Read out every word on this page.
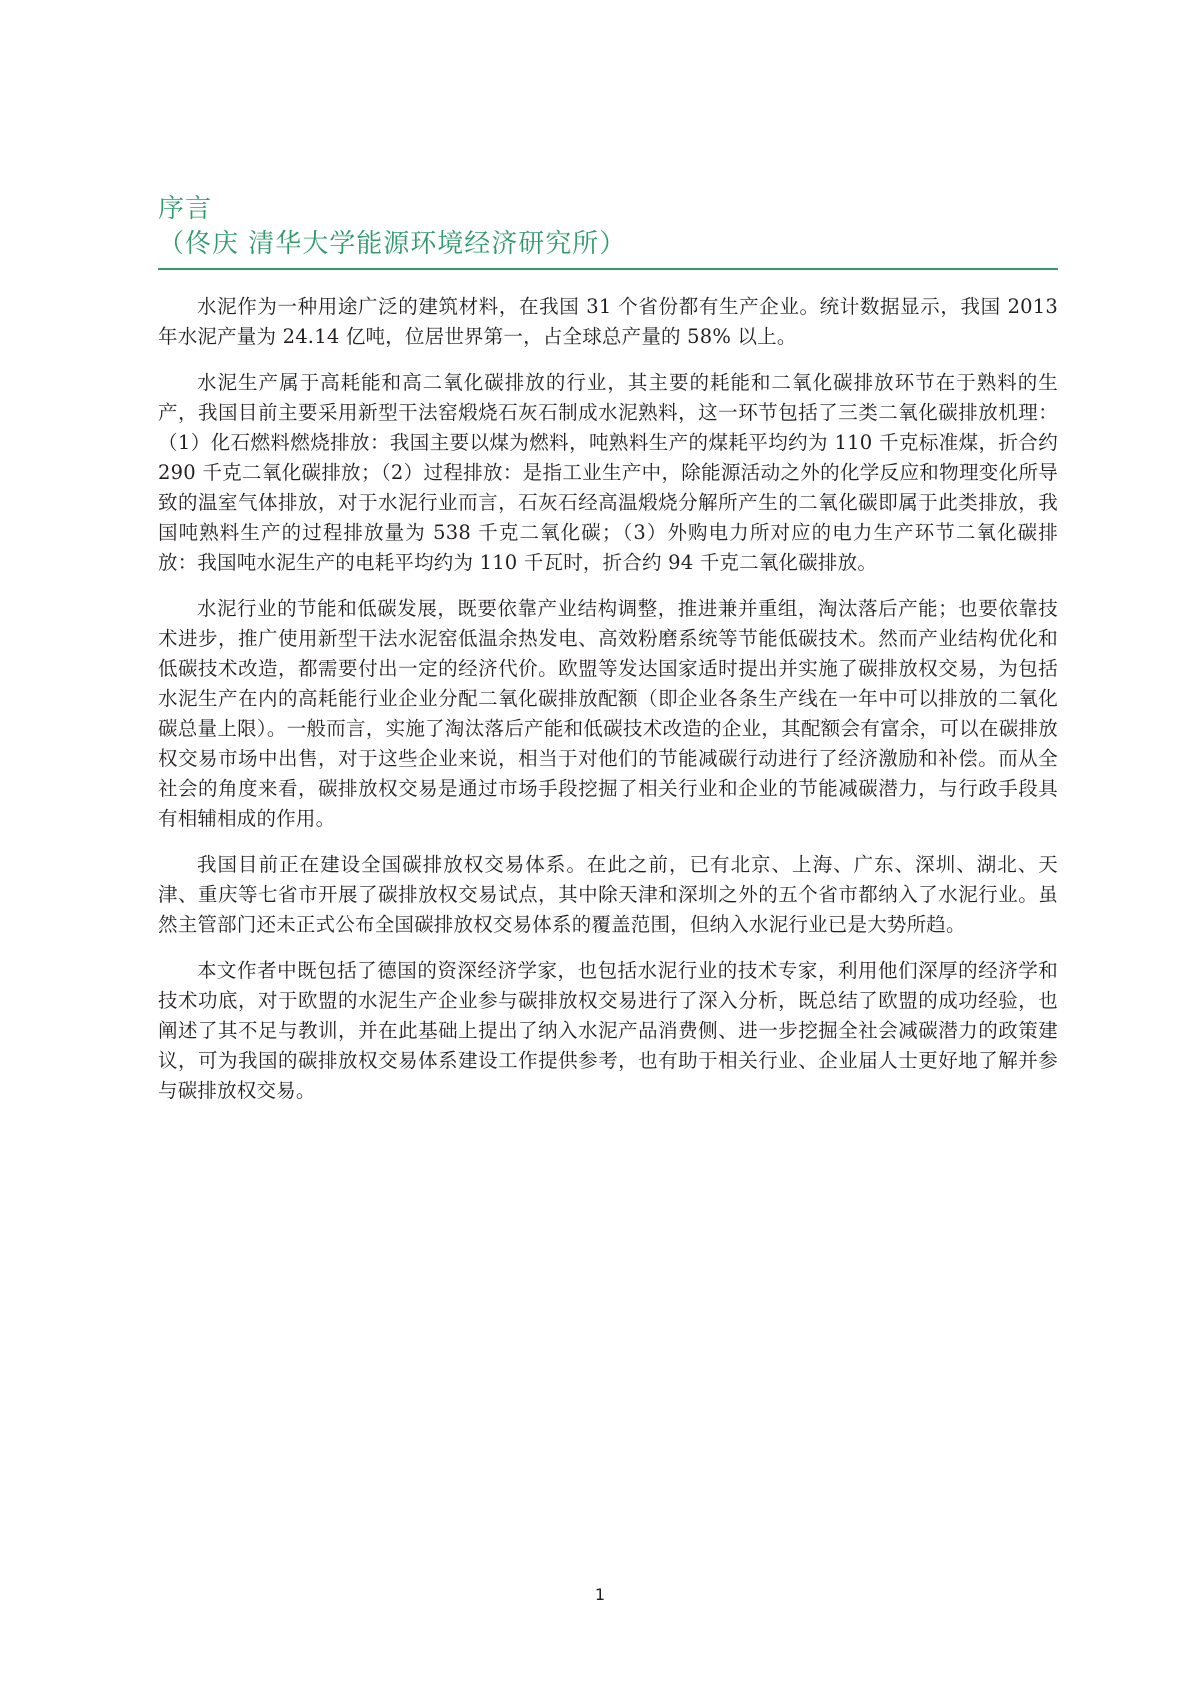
序言
（佟庆 清华大学能源环境经济研究所）

水泥作为一种用途广泛的建筑材料，在我国 31 个省份都有生产企业。统计数据显示，我国 2013 年水泥产量为 24.14 亿吨，位居世界第一，占全球总产量的 58% 以上。

水泥生产属于高耗能和高二氧化碳排放的行业，其主要的耗能和二氧化碳排放环节在于熟料的生产，我国目前主要采用新型干法窑煅烧石灰石制成水泥熟料，这一环节包括了三类二氧化碳排放机理：（1）化石燃料燃烧排放：我国主要以煤为燃料，吨熟料生产的煤耗平均约为 110 千克标准煤，折合约 290 千克二氧化碳排放；（2）过程排放：是指工业生产中，除能源活动之外的化学反应和物理变化所导致的温室气体排放，对于水泥行业而言，石灰石经高温煅烧分解所产生的二氧化碳即属于此类排放，我国吨熟料生产的过程排放量为 538 千克二氧化碳；（3）外购电力所对应的电力生产环节二氧化碳排放：我国吨水泥生产的电耗平均约为 110 千瓦时，折合约 94 千克二氧化碳排放。

水泥行业的节能和低碳发展，既要依靠产业结构调整，推进兼并重组，淘汰落后产能；也要依靠技术进步，推广使用新型干法水泥窑低温余热发电、高效粉磨系统等节能低碳技术。然而产业结构优化和低碳技术改造，都需要付出一定的经济代价。欧盟等发达国家适时提出并实施了碳排放权交易，为包括水泥生产在内的高耗能行业企业分配二氧化碳排放配额（即企业各条生产线在一年中可以排放的二氧化碳总量上限）。一般而言，实施了淘汰落后产能和低碳技术改造的企业，其配额会有富余，可以在碳排放权交易市场中出售，对于这些企业来说，相当于对他们的节能减碳行动进行了经济激励和补偿。而从全社会的角度来看，碳排放权交易是通过市场手段挖掘了相关行业和企业的节能减碳潜力，与行政手段具有相辅相成的作用。

我国目前正在建设全国碳排放权交易体系。在此之前，已有北京、上海、广东、深圳、湖北、天津、重庆等七省市开展了碳排放权交易试点，其中除天津和深圳之外的五个省市都纳入了水泥行业。虽然主管部门还未正式公布全国碳排放权交易体系的覆盖范围，但纳入水泥行业已是大势所趋。

本文作者中既包括了德国的资深经济学家，也包括水泥行业的技术专家，利用他们深厚的经济学和技术功底，对于欧盟的水泥生产企业参与碳排放权交易进行了深入分析，既总结了欧盟的成功经验，也阐述了其不足与教训，并在此基础上提出了纳入水泥产品消费侧、进一步挖掘全社会减碳潜力的政策建议，可为我国的碳排放权交易体系建设工作提供参考，也有助于相关行业、企业届人士更好地了解并参与碳排放权交易。

1
